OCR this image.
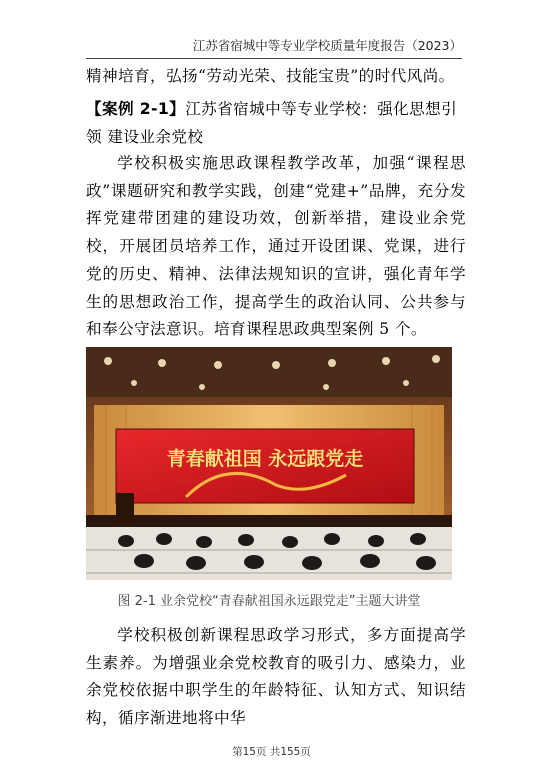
江苏省宿城中等专业学校质量年度报告（2023）
精神培育，弘扬“劳动光荣、技能宝贵”的时代风尚。
【案例 2-1】江苏省宿城中等专业学校：强化思想引领 建设业余党校
学校积极实施思政课程教学改革，加强“课程思政”课题研究和教学实践，创建“党建+”品牌，充分发挥党建带团建的建设功效，创新举措，建设业余党校，开展团员培养工作，通过开设团课、党课，进行党的历史、精神、法律法规知识的宣讲，强化青年学生的思想政治工作，提高学生的政治认同、公共参与和奉公守法意识。培育课程思政典型案例 5 个。
青春献祖国 永远跟党走
图 2-1 业余党校“青春献祖国永远跟党走”主题大讲堂
学校积极创新课程思政学习形式，多方面提高学生素养。为增强业余党校教育的吸引力、感染力，业余党校依据中职学生的年龄特征、认知方式、知识结构，循序渐进地将中华
第15页 共155页
